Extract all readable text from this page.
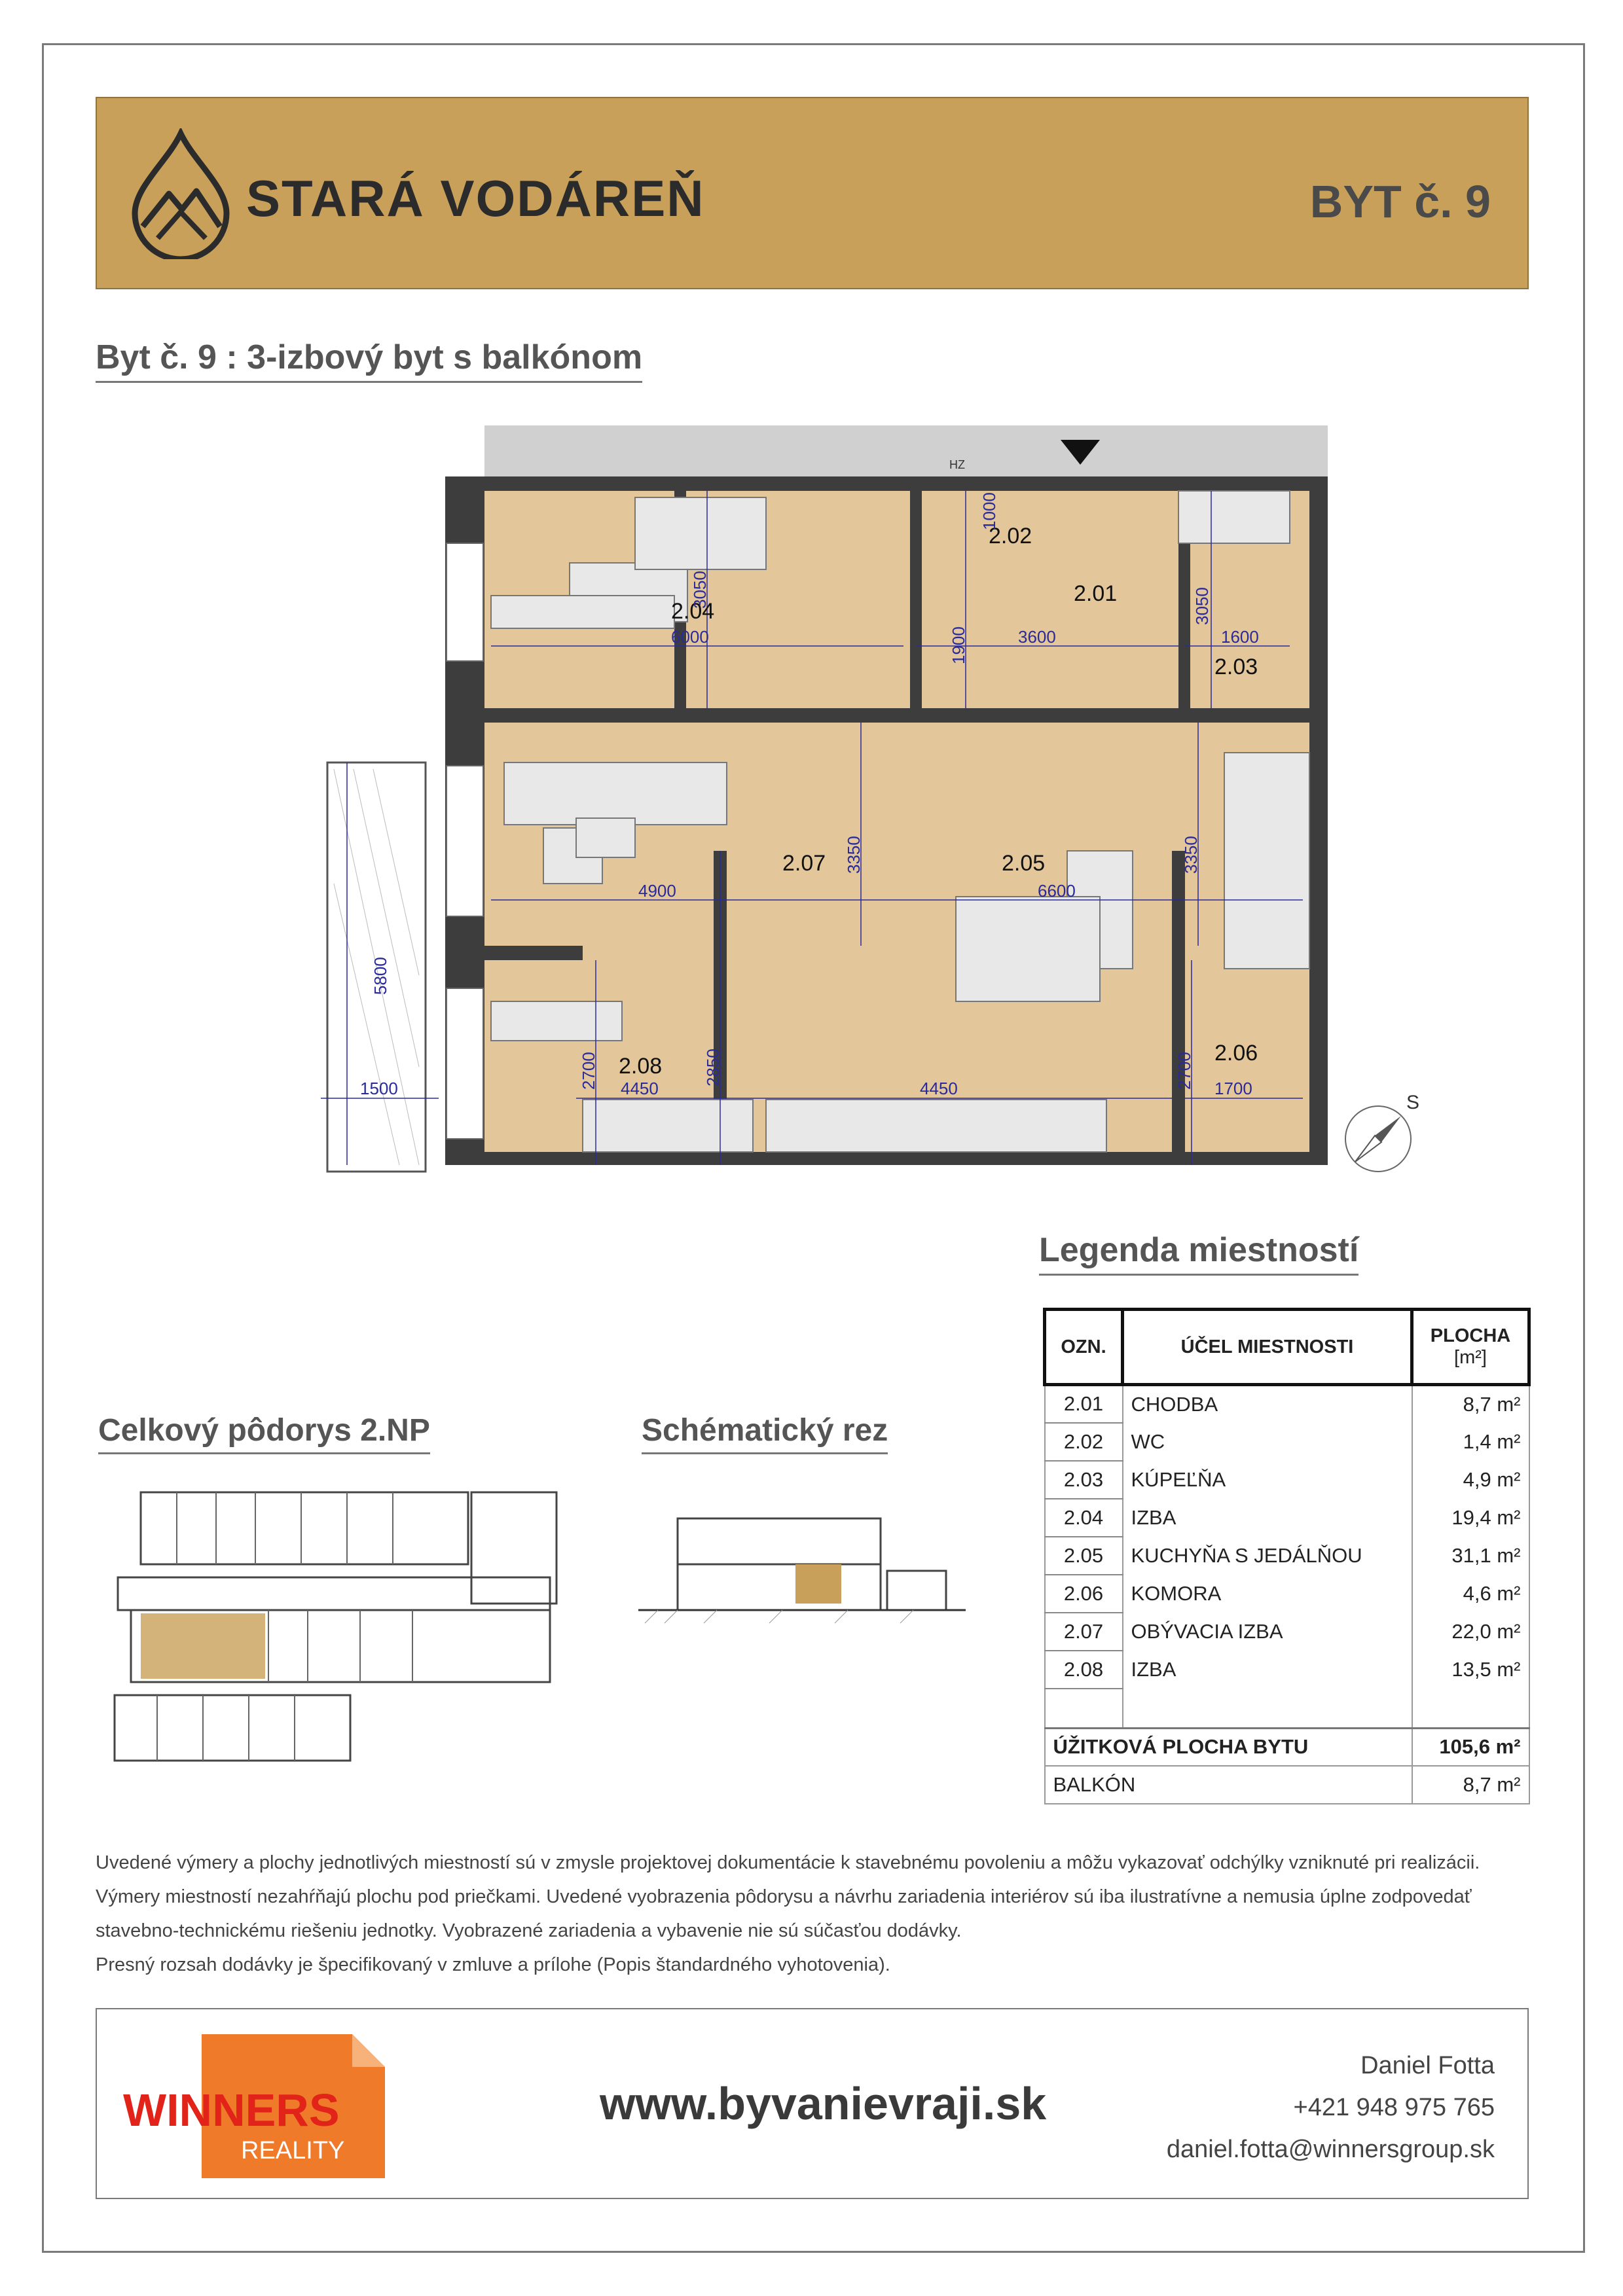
STARÁ VODÁREŇ	BYT č. 9
Byt č. 9 : 3-izbový byt s balkónom
HZ
2.04
2.01
2.02
2.03
2.07	2.05
2.06
2.08
6000
3050
1000
1900	3600
3050
1600
4900
3350
6600
3350
5800
1500	2700 4450
2850
4450	2700 1700
S
Legenda miestností
OZN.	ÚČEL MIESTNOSTI	PLOCHA
[m²]
2.01	CHODBA	8,7 m²
2.02	WC	1,4 m²
2.03	KÚPEĽŇA	4,9 m²
2.04	IZBA	19,4 m²
2.05	KUCHYŇA S JEDÁLŇOU	31,1 m²
2.06	KOMORA	4,6 m²
2.07	OBÝVACIA IZBA	22,0 m²
2.08	IZBA	13,5 m²

ÚŽITKOVÁ PLOCHA BYTU		105,6 m²
BALKÓN		8,7 m²
Celkový pôdorys 2.NP	Schématický rez
Uvedené výmery a plochy jednotlivých miestností sú v zmysle projektovej dokumentácie k stavebnému povoleniu a môžu vykazovať odchýlky vzniknuté pri realizácii.
Výmery miestností nezahŕňajú plochu pod priečkami. Uvedené vyobrazenia pôdorysu a návrhu zariadenia interiérov sú iba ilustratívne a nemusia úplne zodpovedať
stavebno-technickému riešeniu jednotky. Vyobrazené zariadenia a vybavenie nie sú súčasťou dodávky.
Presný rozsah dodávky je špecifikovaný v zmluve a prílohe (Popis štandardného vyhotovenia).
WINNERS
REALITY
www.byvanievraji.sk
Daniel Fotta
+421 948 975 765
daniel.fotta@winnersgroup.sk
